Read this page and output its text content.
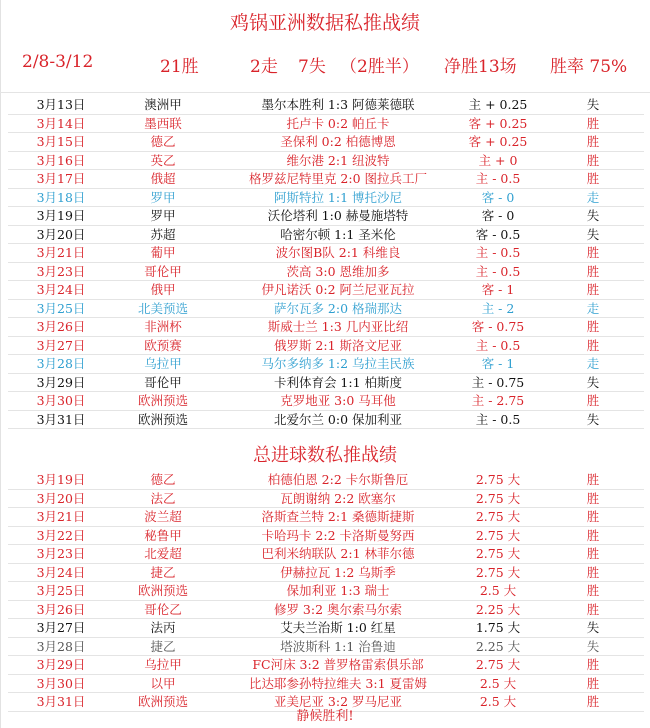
鸡锅亚洲数据私推战绩
2/8-3/12	21胜	2走 7失 （2胜半） 净胜13场 胜率 75%
3月13日	澳洲甲	墨尔本胜利 1:3 阿德莱德联	主 + 0.25	失
3月14日	墨西联	托卢卡 0:2 帕丘卡	客 + 0.25	胜
3月15日	德乙	圣保利 0:2 柏德博恩	客 + 0.25	胜
3月16日	英乙	维尔港 2:1 纽波特	主 + 0	胜
3月17日	俄超	格罗兹尼特里克 2:0 图拉兵工厂	主 - 0.5	胜
3月18日	罗甲	阿斯特拉 1:1 博托沙尼	客 - 0	走
3月19日	罗甲	沃伦塔利 1:0 赫曼施塔特	客 - 0	失
3月20日	苏超	哈密尔顿 1:1 圣米伦	客 - 0.5	失
3月21日	葡甲	波尔图B队 2:1 科维良	主 - 0.5	胜
3月23日	哥伦甲	茨高 3:0 恩维加多	主 - 0.5	胜
3月24日	俄甲	伊凡诺沃 0:2 阿兰尼亚瓦拉	客 - 1	胜
3月25日	北美预选	萨尔瓦多 2:0 格瑞那达	主 - 2	走
3月26日	非洲杯	斯威士兰 1:3 几内亚比绍	客 - 0.75	胜
3月27日	欧预赛	俄罗斯 2:1 斯洛文尼亚	主 - 0.5	胜
3月28日	乌拉甲	马尔多纳多 1:2 乌拉圭民族	客 - 1	走
3月29日	哥伦甲	卡利体育会 1:1 柏斯度	主 - 0.75	失
3月30日	欧洲预选	克罗地亚 3:0 马耳他	主 - 2.75	胜
3月31日	欧洲预选	北爱尔兰 0:0 保加利亚	主 - 0.5	失
总进球数私推战绩
3月19日	德乙	柏德伯恩 2:2 卡尔斯鲁厄	2.75 大	胜
3月20日	法乙	瓦朗谢纳 2:2 欧塞尔	2.75 大	胜
3月21日	波兰超	洛斯查兰特 2:1 桑德斯捷斯	2.75 大	胜
3月22日	秘鲁甲	卡哈玛卡 2:2 卡洛斯曼努西	2.75 大	胜
3月23日	北爱超	巴利米纳联队 2:1 林菲尔德	2.75 大	胜
3月24日	捷乙	伊赫拉瓦 1:2 乌斯季	2.75 大	胜
3月25日	欧洲预选	保加利亚 1:3 瑞士	2.5 大	胜
3月26日	哥伦乙	修罗 3:2 奥尔索马尔索	2.25 大	胜
3月27日	法丙	艾夫兰治斯 1:0 红星	1.75 大	失
3月28日	捷乙	塔波斯科 1:1 治鲁迪	2.25 大	失
3月29日	乌拉甲	FC河床 3:2 普罗格雷索俱乐部	2.75 大	胜
3月30日	以甲	比达耶参孙特拉维夫 3:1 夏雷姆	2.5 大	胜
3月31日	欧洲预选	亚美尼亚 3:2 罗马尼亚	2.5 大	胜
静候胜利!
